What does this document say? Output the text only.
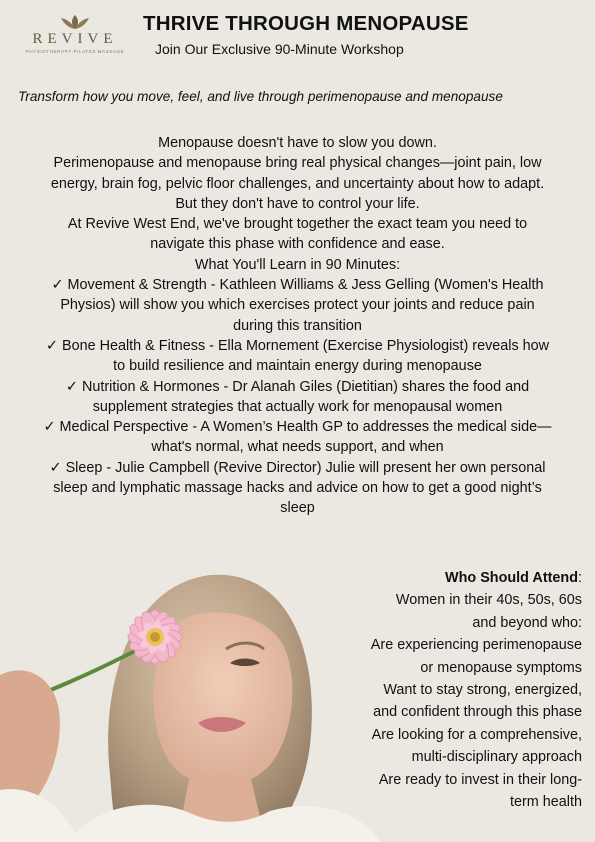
REVIVE
PHYSIOTHERAPY PILATES MASSAGE
THRIVE THROUGH MENOPAUSE
Join Our Exclusive 90-Minute Workshop
Transform how you move, feel, and live through perimenopause and menopause
Menopause doesn't have to slow you down.
Perimenopause and menopause bring real physical changes—joint pain, low
energy, brain fog, pelvic floor challenges, and uncertainty about how to adapt.
But they don't have to control your life.
At Revive West End, we've brought together the exact team you need to
navigate this phase with confidence and ease.
What You'll Learn in 90 Minutes:
✓ Movement & Strength - Kathleen Williams & Jess Gelling (Women's Health
Physios) will show you which exercises protect your joints and reduce pain
during this transition
✓ Bone Health & Fitness - Ella Mornement (Exercise Physiologist) reveals how
to build resilience and maintain energy during menopause
✓ Nutrition & Hormones - Dr Alanah Giles (Dietitian) shares the food and
supplement strategies that actually work for menopausal women
✓ Medical Perspective - A Women’s Health GP to addresses the medical side—
what's normal, what needs support, and when
✓ Sleep - Julie Campbell (Revive Director) Julie will present her own personal
sleep and lymphatic massage hacks and advice on how to get a good night’s
sleep
Who Should Attend:
Women in their 40s, 50s, 60s
and beyond who:
Are experiencing perimenopause
or menopause symptoms
Want to stay strong, energized,
and confident through this phase
Are looking for a comprehensive,
multi-disciplinary approach
Are ready to invest in their long-
term health
